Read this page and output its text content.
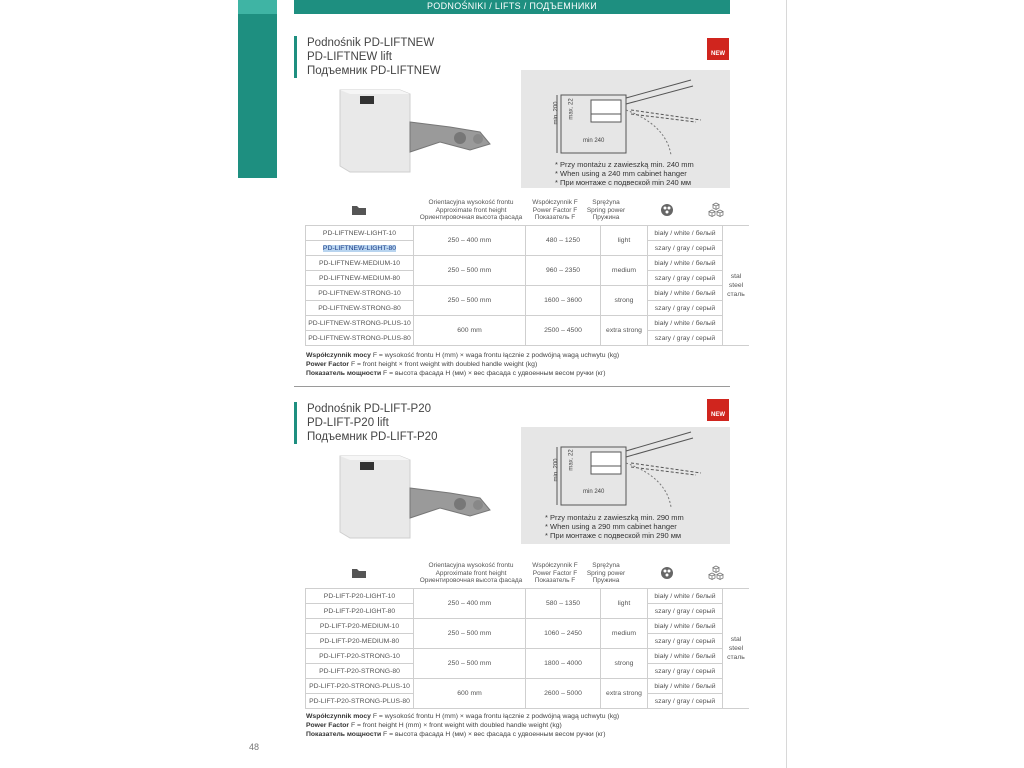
PODNOŚNIKI / LIFTS / ПОДЪЕМНИКИ
Podnośnik PD-LIFTNEW
PD-LIFTNEW lift
Подъемник PD-LIFTNEW
NEW
min. 200 max. 22
min 240
* Przy montażu z zawieszką min. 240 mm
* When using a 240 mm cabinet hanger
* При монтаже с подвеской min 240 мм
Orientacyjna wysokość frontu
Approximate front height
Ориентировочная высота фасада
Współczynnik F
Power Factor F
Показатель F
Sprężyna
Spring power
Пружина
PD-LIFTNEW-LIGHT-10	250 – 400 mm	480 – 1250	light	biały / white / белый	stal
steel
сталь

PD-LIFTNEW-LIGHT-80				szary / gray / серый	
PD-LIFTNEW-MEDIUM-10	250 – 500 mm	960 – 2350	medium	biały / white / белый	
PD-LIFTNEW-MEDIUM-80				szary / gray / серый	
PD-LIFTNEW-STRONG-10	250 – 500 mm	1600 – 3600	strong	biały / white / белый	
PD-LIFTNEW-STRONG-80				szary / gray / серый	
PD-LIFTNEW-STRONG-PLUS-10	600 mm	2500 – 4500	extra strong	biały / white / белый	
PD-LIFTNEW-STRONG-PLUS-80				szary / gray / серый	
Współczynnik mocy F = wysokość frontu H (mm) × waga frontu łącznie z podwójną wagą uchwytu (kg)
Power Factor F = front height × front weight with doubled handle weight (kg)
Показатель мощности F = высота фасада H (мм) × вес фасада с удвоенным весом ручки (кг)
Podnośnik PD-LIFT-P20
PD-LIFT-P20 lift
Подъемник PD-LIFT-P20
NEW
min. 200 max. 22
min 240
* Przy montażu z zawieszką min. 290 mm
* When using a 290 mm cabinet hanger
* При монтаже с подвеской min 290 мм
Orientacyjna wysokość frontu
Approximate front height
Ориентировочная высота фасада
Współczynnik F
Power Factor F
Показатель F
Sprężyna
Spring power
Пружина
PD-LIFT-P20-LIGHT-10	250 – 400 mm	580 – 1350	light	biały / white / белый	stal
steel
сталь

PD-LIFT-P20-LIGHT-80				szary / gray / серый	
PD-LIFT-P20-MEDIUM-10	250 – 500 mm	1060 – 2450	medium	biały / white / белый	
PD-LIFT-P20-MEDIUM-80				szary / gray / серый	
PD-LIFT-P20-STRONG-10	250 – 500 mm	1800 – 4000	strong	biały / white / белый	
PD-LIFT-P20-STRONG-80				szary / gray / серый	
PD-LIFT-P20-STRONG-PLUS-10	600 mm	2600 – 5000	extra strong	biały / white / белый	
PD-LIFT-P20-STRONG-PLUS-80				szary / gray / серый	
Współczynnik mocy F = wysokość frontu H (mm) × waga frontu łącznie z podwójną wagą uchwytu (kg)
Power Factor F = front height H (mm) × front weight with doubled handle weight (kg)
Показатель мощности F = высота фасада H (мм) × вес фасада с удвоенным весом ручки (кг)
48
